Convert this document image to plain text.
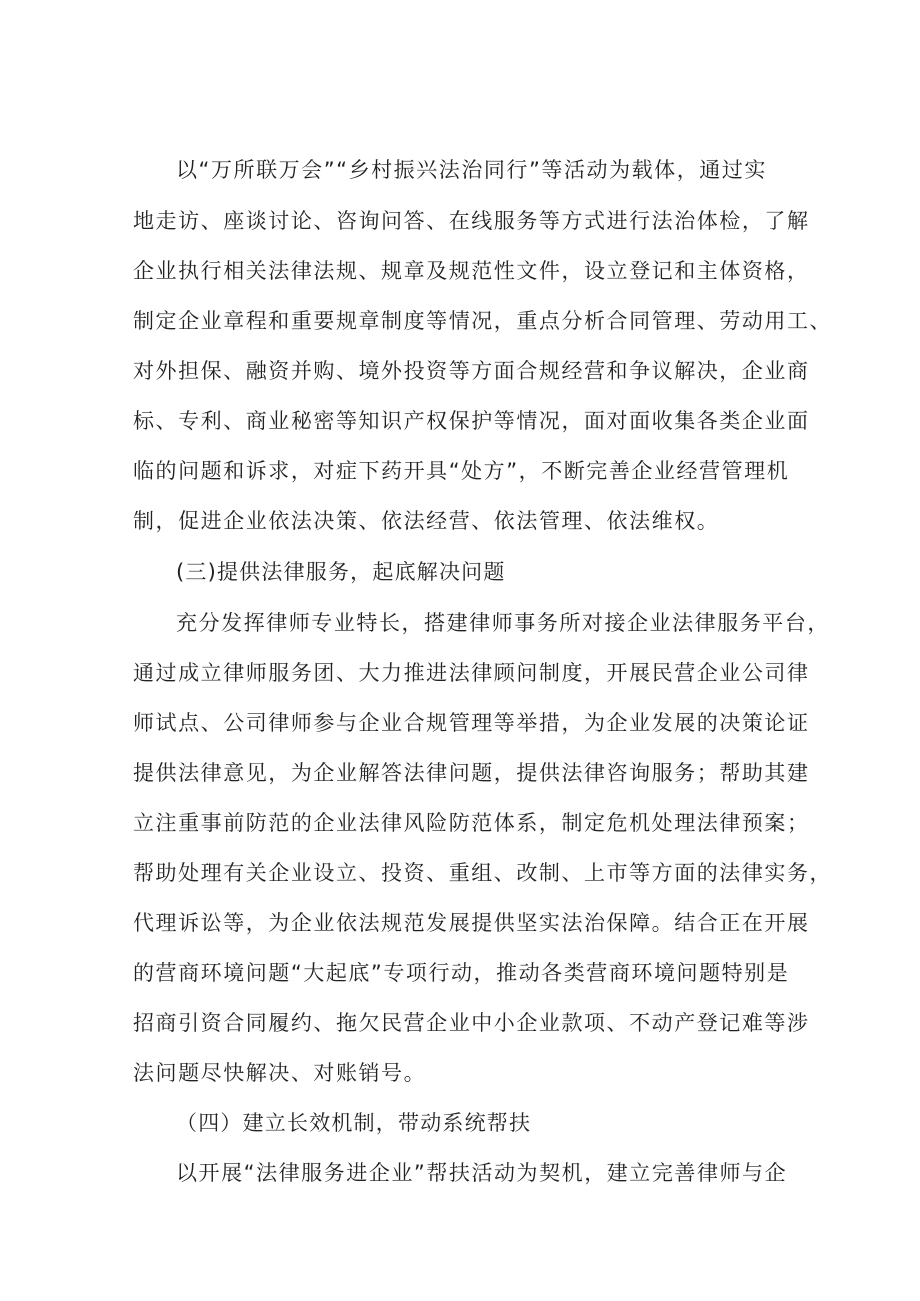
以“万所联万会”“乡村振兴法治同行”等活动为载体，通过实
地走访、座谈讨论、咨询问答、在线服务等方式进行法治体检，了解
企业执行相关法律法规、规章及规范性文件，设立登记和主体资格，
制定企业章程和重要规章制度等情况，重点分析合同管理、劳动用工、
对外担保、融资并购、境外投资等方面合规经营和争议解决，企业商
标、专利、商业秘密等知识产权保护等情况，面对面收集各类企业面
临的问题和诉求，对症下药开具“处方”，不断完善企业经营管理机
制，促进企业依法决策、依法经营、依法管理、依法维权。
(三)提供法律服务，起底解决问题
充分发挥律师专业特长，搭建律师事务所对接企业法律服务平台，
通过成立律师服务团、大力推进法律顾问制度，开展民营企业公司律
师试点、公司律师参与企业合规管理等举措，为企业发展的决策论证
提供法律意见，为企业解答法律问题，提供法律咨询服务；帮助其建
立注重事前防范的企业法律风险防范体系，制定危机处理法律预案；
帮助处理有关企业设立、投资、重组、改制、上市等方面的法律实务，
代理诉讼等，为企业依法规范发展提供坚实法治保障。结合正在开展
的营商环境问题“大起底”专项行动，推动各类营商环境问题特别是
招商引资合同履约、拖欠民营企业中小企业款项、不动产登记难等涉
法问题尽快解决、对账销号。
（四）建立长效机制，带动系统帮扶
以开展“法律服务进企业”帮扶活动为契机，建立完善律师与企
